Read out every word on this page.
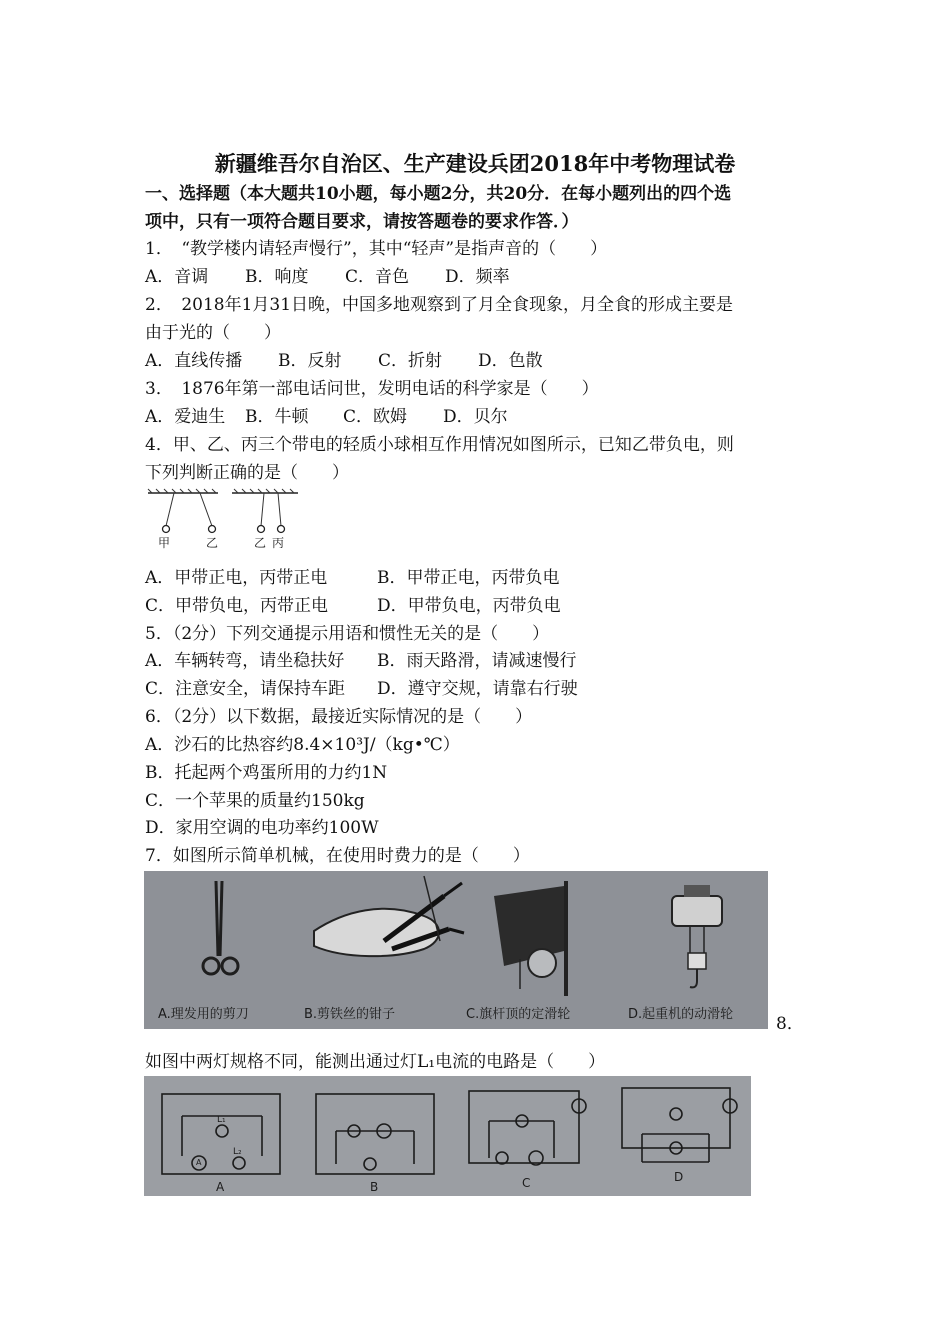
新疆维吾尔自治区、生产建设兵团2018年中考物理试卷
一、选择题（本大题共10小题，每小题2分，共20分．在每小题列出的四个选
项中，只有一项符合题目要求，请按答题卷的要求作答．）
1．　“教学楼内请轻声慢行”，其中“轻声”是指声音的（　　）
A．音调 B．响度 C．音色 D．频率
2．　2018年1月31日晚，中国多地观察到了月全食现象，月全食的形成主要是
由于光的（　　）
A．直线传播 B．反射 C．折射 D．色散
3．　1876年第一部电话问世，发明电话的科学家是（　　）
A．爱迪生 B．牛顿 C．欧姆 D．贝尔
4．甲、乙、丙三个带电的轻质小球相互作用情况如图所示，已知乙带负电，则
下列判断正确的是（　　）
甲	乙	乙 丙
A．甲带正电，丙带正电	B．甲带正电，丙带负电
C．甲带负电，丙带正电	D．甲带负电，丙带负电
5．（2分）下列交通提示用语和惯性无关的是（　　）
A．车辆转弯，请坐稳扶好 B．雨天路滑，请减速慢行
C．注意安全，请保持车距 D．遵守交规，请靠右行驶
6．（2分）以下数据，最接近实际情况的是（　　）
A．沙石的比热容约8.4×10³J/（kg•℃）
B．托起两个鸡蛋所用的力约1N
C．一个苹果的质量约150kg
D．家用空调的电功率约100W
7．如图所示简单机械，在使用时费力的是（　　）
A.理发用的剪刀	B.剪铁丝的钳子	C.旗杆顶的定滑轮	D.起重机的动滑轮	8．
如图中两灯规格不同，能测出通过灯L₁电流的电路是（　　）
A	B	C	D
L₁
L₂
A
